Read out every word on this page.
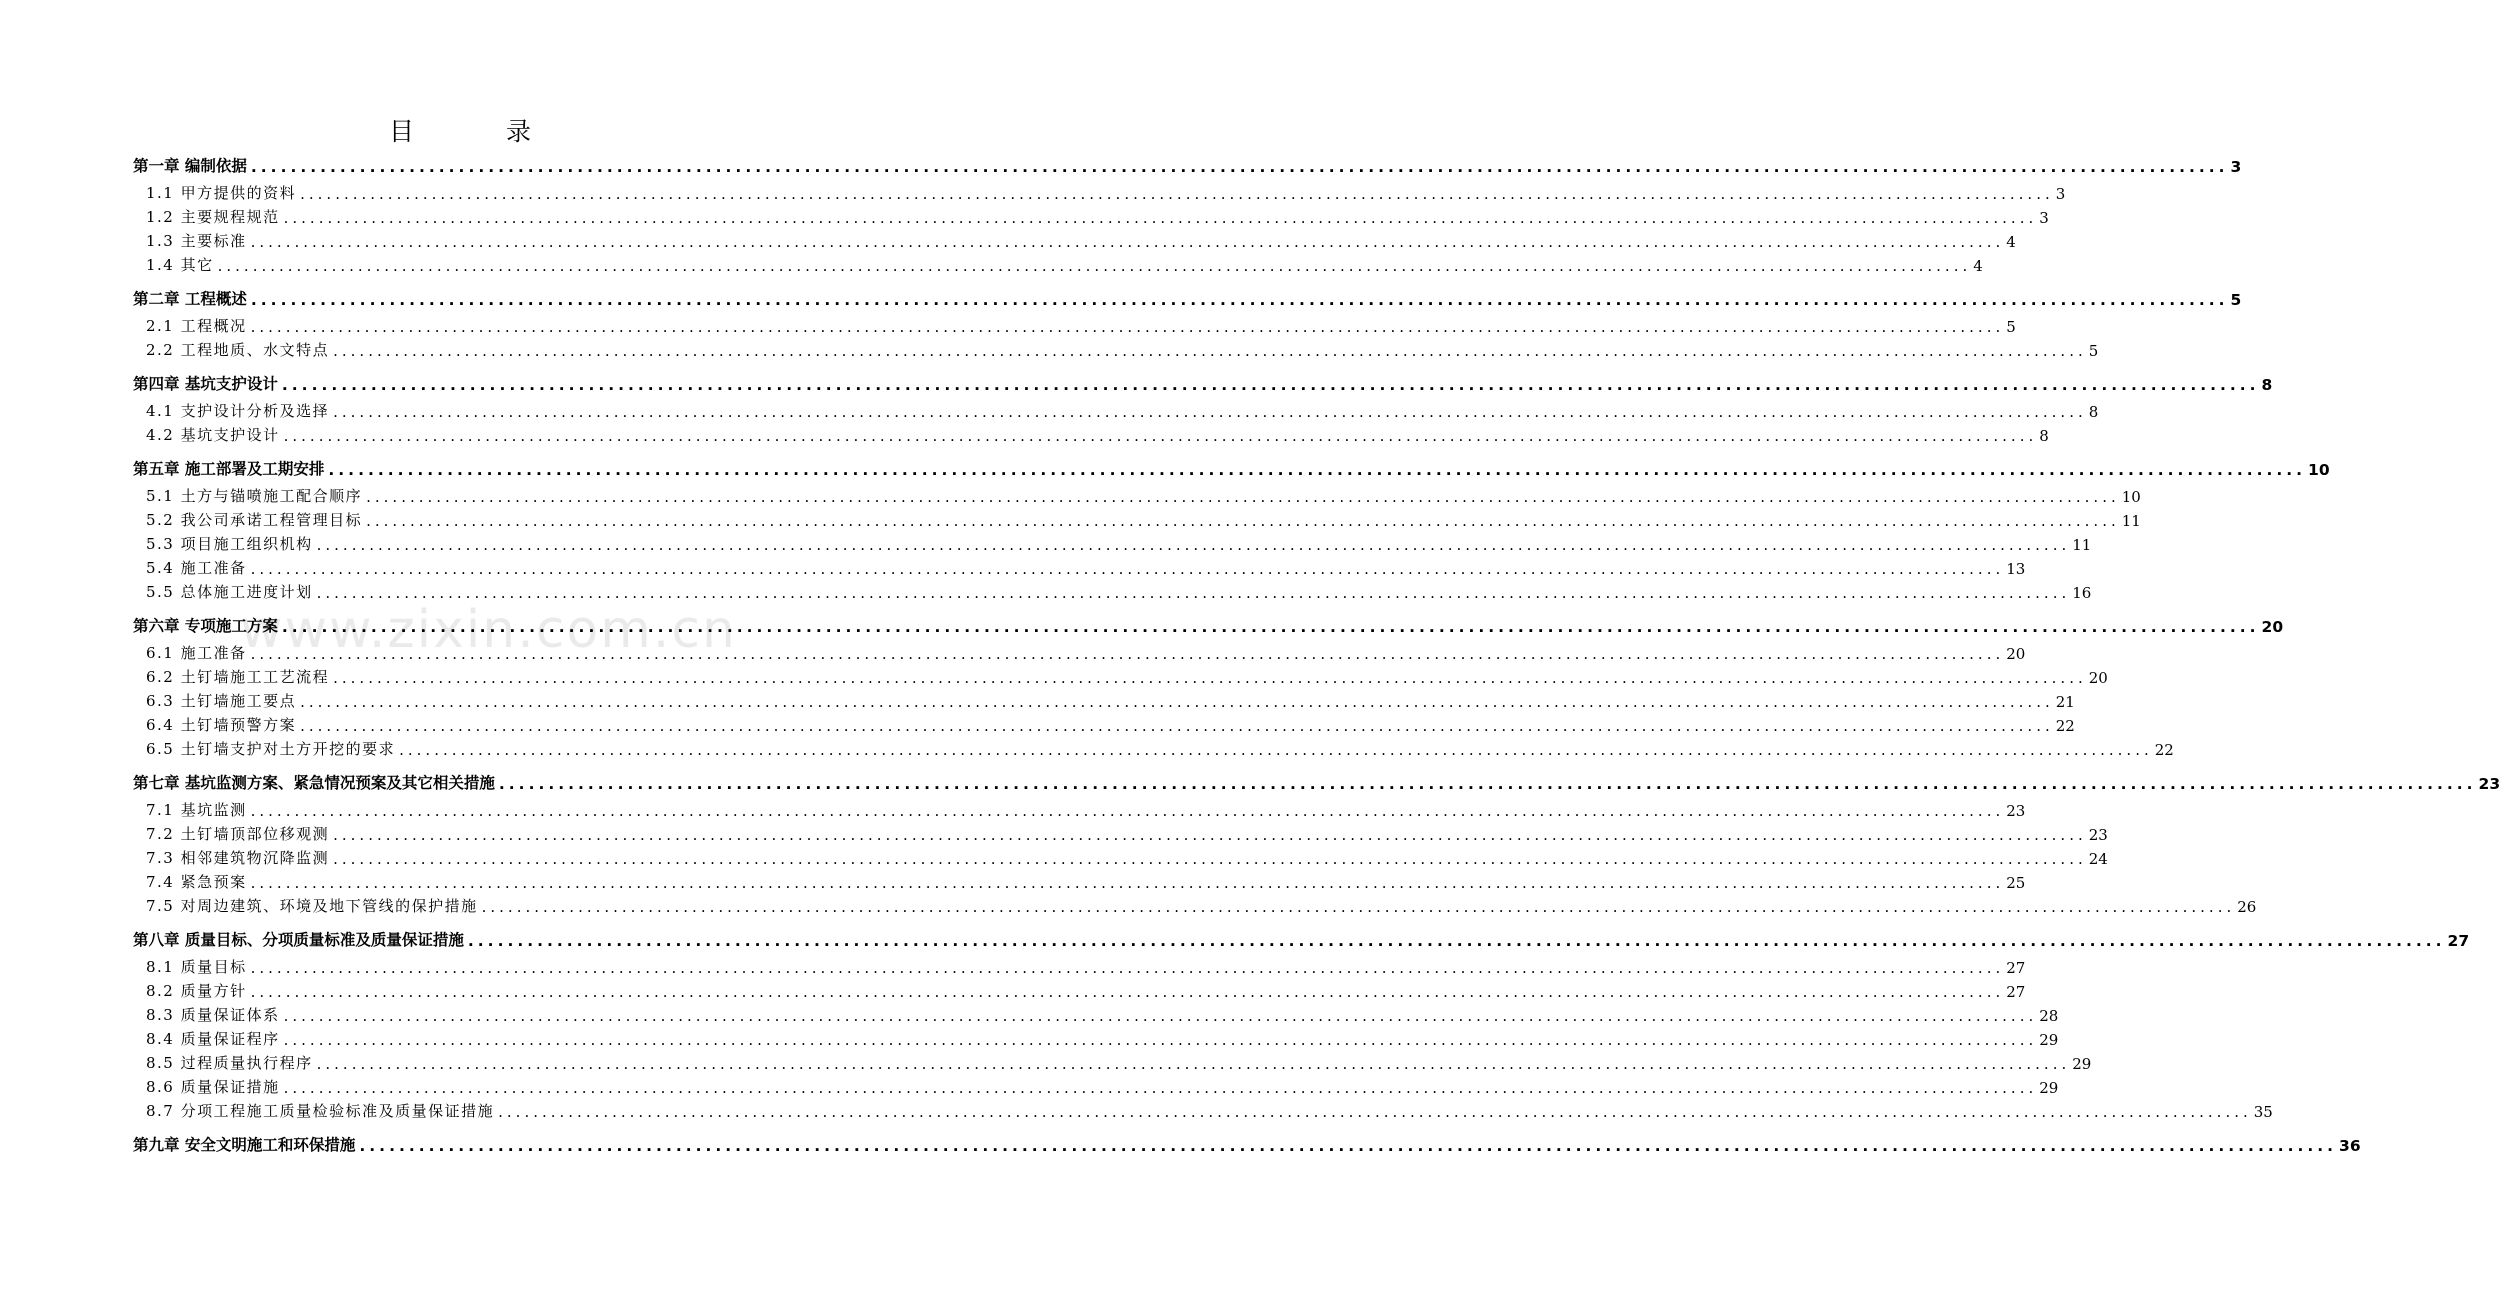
www.zixin.com.cn
目 录
第一章 编制依据 ........................................................................................................................................................................................................ 3
1.1 甲方提供的资料 ........................................................................................................................................................................................................ 3
1.2 主要规程规范 ........................................................................................................................................................................................................ 3
1.3 主要标准 ........................................................................................................................................................................................................ 4
1.4 其它 ........................................................................................................................................................................................................ 4
第二章 工程概述 ........................................................................................................................................................................................................ 5
2.1 工程概况 ........................................................................................................................................................................................................ 5
2.2 工程地质、水文特点 ........................................................................................................................................................................................................ 5
第四章 基坑支护设计 ........................................................................................................................................................................................................ 8
4.1 支护设计分析及选择 ........................................................................................................................................................................................................ 8
4.2 基坑支护设计 ........................................................................................................................................................................................................ 8
第五章 施工部署及工期安排 ........................................................................................................................................................................................................ 10
5.1 土方与锚喷施工配合顺序 ........................................................................................................................................................................................................ 10
5.2 我公司承诺工程管理目标 ........................................................................................................................................................................................................ 11
5.3 项目施工组织机构 ........................................................................................................................................................................................................ 11
5.4 施工准备 ........................................................................................................................................................................................................ 13
5.5 总体施工进度计划 ........................................................................................................................................................................................................ 16
第六章 专项施工方案 ........................................................................................................................................................................................................ 20
6.1 施工准备 ........................................................................................................................................................................................................ 20
6.2 土钉墙施工工艺流程 ........................................................................................................................................................................................................ 20
6.3 土钉墙施工要点 ........................................................................................................................................................................................................ 21
6.4 土钉墙预警方案 ........................................................................................................................................................................................................ 22
6.5 土钉墙支护对土方开挖的要求 ........................................................................................................................................................................................................ 22
第七章 基坑监测方案、紧急情况预案及其它相关措施 ........................................................................................................................................................................................................ 23
7.1 基坑监测 ........................................................................................................................................................................................................ 23
7.2 土钉墙顶部位移观测 ........................................................................................................................................................................................................ 23
7.3 相邻建筑物沉降监测 ........................................................................................................................................................................................................ 24
7.4 紧急预案 ........................................................................................................................................................................................................ 25
7.5 对周边建筑、环境及地下管线的保护措施 ........................................................................................................................................................................................................ 26
第八章 质量目标、分项质量标准及质量保证措施 ........................................................................................................................................................................................................ 27
8.1 质量目标 ........................................................................................................................................................................................................ 27
8.2 质量方针 ........................................................................................................................................................................................................ 27
8.3 质量保证体系 ........................................................................................................................................................................................................ 28
8.4 质量保证程序 ........................................................................................................................................................................................................ 29
8.5 过程质量执行程序 ........................................................................................................................................................................................................ 29
8.6 质量保证措施 ........................................................................................................................................................................................................ 29
8.7 分项工程施工质量检验标准及质量保证措施 ........................................................................................................................................................................................................ 35
第九章 安全文明施工和环保措施 ........................................................................................................................................................................................................ 36
